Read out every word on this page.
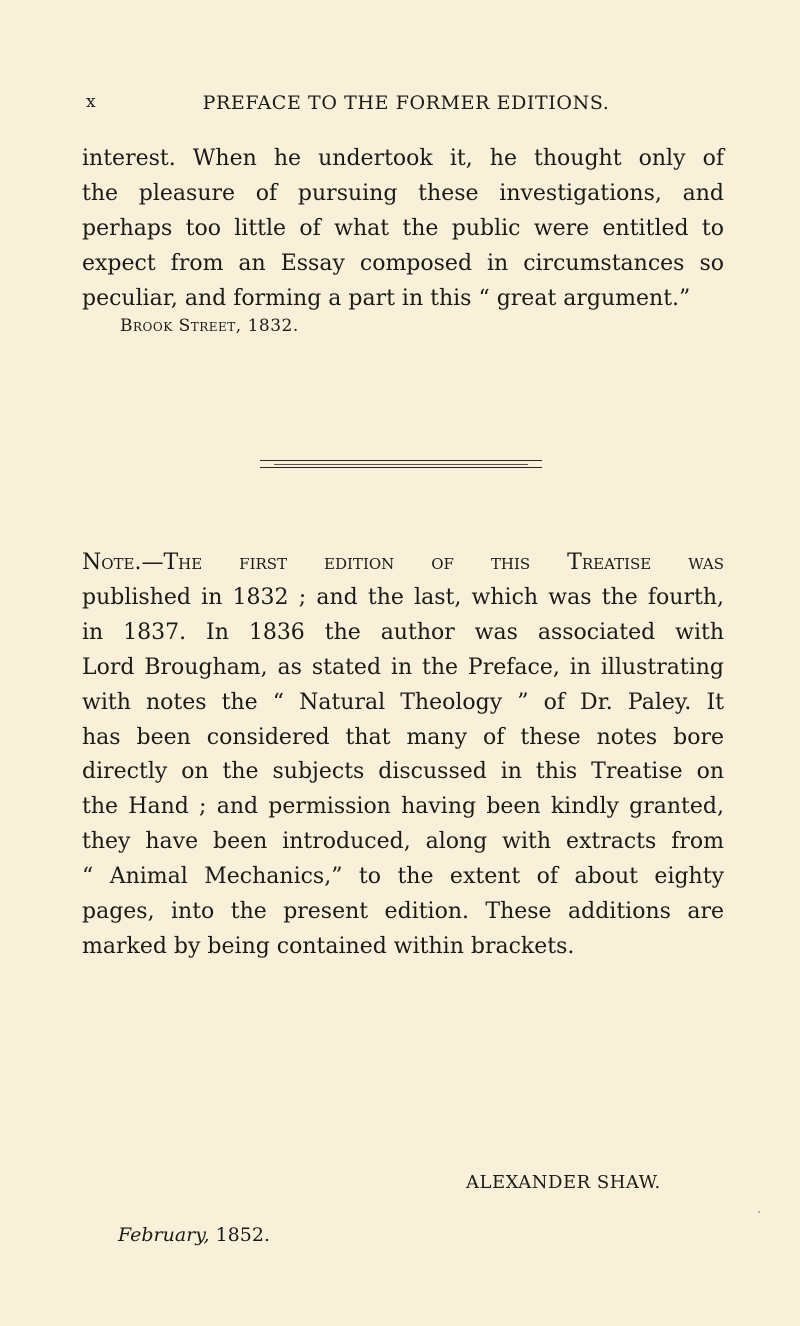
x	PREFACE TO THE FORMER EDITIONS.

interest. When he undertook it, he thought only of
the pleasure of pursuing these investigations, and
perhaps too little of what the public were entitled to
expect from an Essay composed in circumstances so
peculiar, and forming a part in this “ great argument.”

Brook Street, 1832.

Note.—The first edition of this Treatise was
published in 1832 ; and the last, which was the fourth,
in 1837. In 1836 the author was associated with
Lord Brougham, as stated in the Preface, in illustrating
with notes the “ Natural Theology ” of Dr. Paley. It
has been considered that many of these notes bore
directly on the subjects discussed in this Treatise on
the Hand ; and permission having been kindly granted,
they have been introduced, along with extracts from
“ Animal Mechanics,” to the extent of about eighty
pages, into the present edition. These additions are
marked by being contained within brackets.

ALEXANDER SHAW.
February, 1852.
